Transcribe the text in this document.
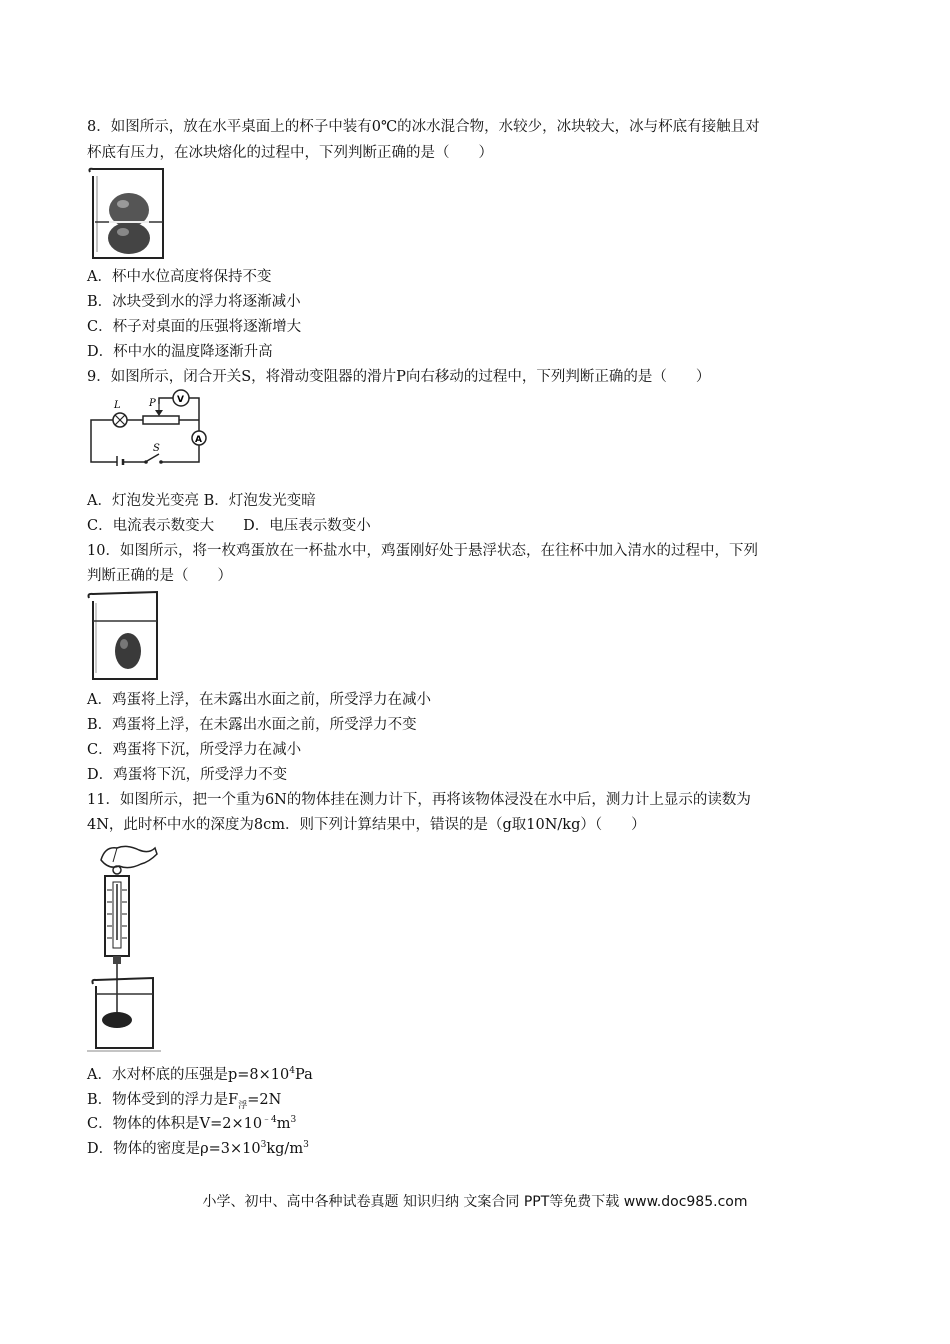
8．如图所示，放在水平桌面上的杯子中装有0℃的冰水混合物，水较少，冰块较大，冰与杯底有接触且对
杯底有压力，在冰块熔化的过程中，下列判断正确的是（　　）
A．杯中水位高度将保持不变
B．冰块受到水的浮力将逐渐减小
C．杯子对桌面的压强将逐渐增大
D．杯中水的温度降逐渐升高
9．如图所示，闭合开关S，将滑动变阻器的滑片P向右移动的过程中，下列判断正确的是（　　）
L	P V
A
S
A．灯泡发光变亮 B．灯泡发光变暗
C．电流表示数变大　　D．电压表示数变小
10．如图所示，将一枚鸡蛋放在一杯盐水中，鸡蛋刚好处于悬浮状态，在往杯中加入清水的过程中，下列
判断正确的是（　　）
A．鸡蛋将上浮，在未露出水面之前，所受浮力在减小
B．鸡蛋将上浮，在未露出水面之前，所受浮力不变
C．鸡蛋将下沉，所受浮力在减小
D．鸡蛋将下沉，所受浮力不变
11．如图所示，把一个重为6N的物体挂在测力计下，再将该物体浸没在水中后，测力计上显示的读数为
4N，此时杯中水的深度为8cm．则下列计算结果中，错误的是（g取10N/kg）（　　）
A．水对杯底的压强是$p=8\times 10^4Pa$
B．物体受到的浮力是$F_浮=2N$
C．物体的体积是$V=2\times 10^{﹣4}m^3$
D．物体的密度是$\rho=3\times 10^3kg/m^3$
小学、初中、高中各种试卷真题 知识归纳 文案合同 PPT等免费下载 www.doc985.com
